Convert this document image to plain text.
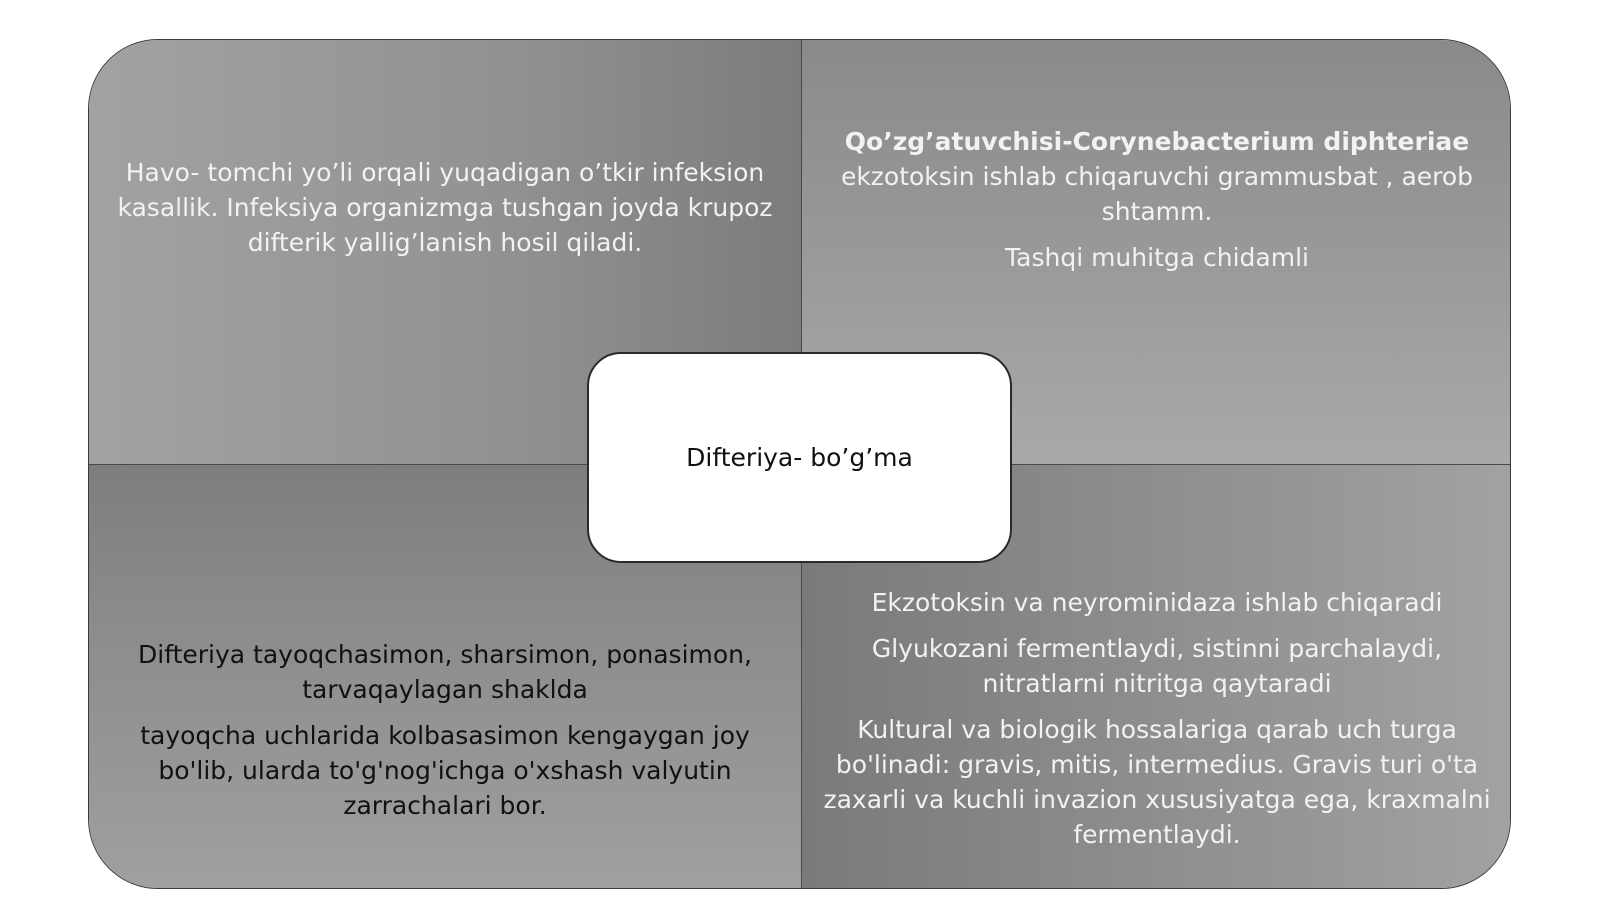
Havo- tomchi yo’li orqali yuqadigan o’tkir infeksion kasallik. Infeksiya organizmga tushgan joyda krupoz difterik yallig’lanish hosil qiladi.

Qo’zg’atuvchisi-Corynebacterium diphteriae

ekzotoksin ishlab chiqaruvchi grammusbat , aerob shtamm.

Tashqi muhitga chidamli

Difteriya tayoqchasimon, sharsimon, ponasimon, tarvaqaylagan shaklda

tayoqcha uchlarida kolbasasimon kengaygan joy bo'lib, ularda to'g'nog'ichga o'xshash valyutin zarrachalari bor.

Ekzotoksin va neyrominidaza ishlab chiqaradi

Glyukozani fermentlaydi, sistinni parchalaydi, nitratlarni nitritga qaytaradi

Kultural va biologik hossalariga qarab uch turga bo'linadi: gravis, mitis, intermedius. Gravis turi o'ta zaxarli va kuchli invazion xususiyatga ega, kraxmalni fermentlaydi.

Difteriya- bo’g’ma
